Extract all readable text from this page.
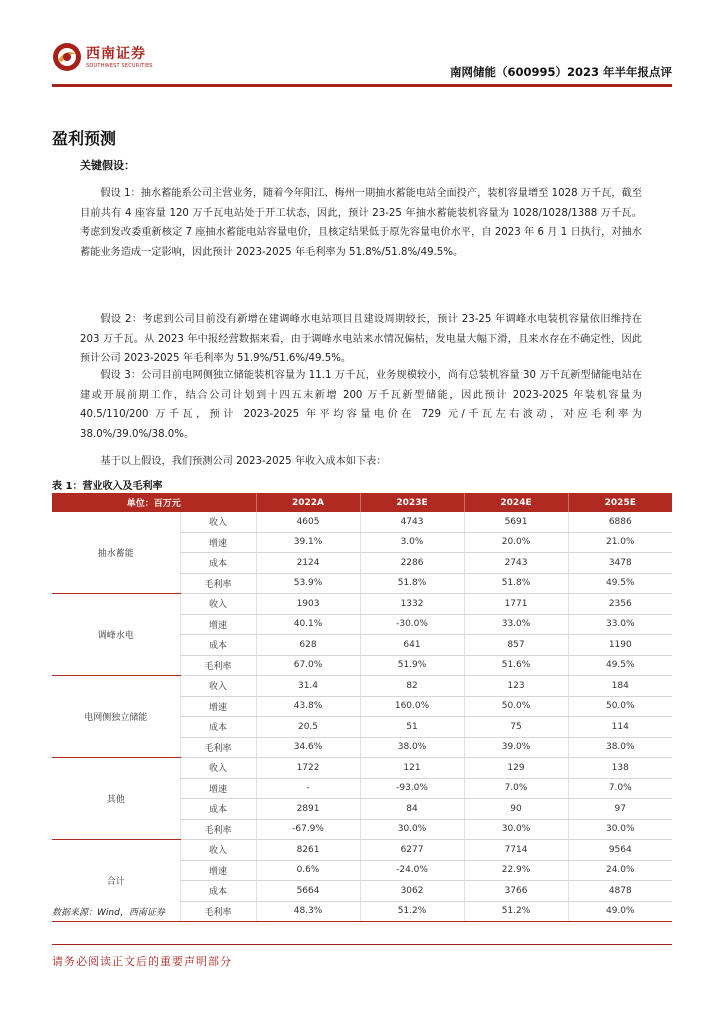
西南证券
SOUTHWEST SECURITIES	南网储能（600995）2023 年半年报点评
盈利预测
关键假设：

假设 1：抽水蓄能系公司主营业务，随着今年阳江、梅州一期抽水蓄能电站全面投产，装机容量增至 1028 万千瓦，截至目前共有 4 座容量 120 万千瓦电站处于开工状态，因此，预计 23-25 年抽水蓄能装机容量为 1028/1028/1388 万千瓦。考虑到发改委重新核定 7 座抽水蓄能电站容量电价，且核定结果低于原先容量电价水平，自 2023 年 6 月 1 日执行，对抽水蓄能业务造成一定影响，因此预计 2023-2025 年毛利率为 51.8%/51.8%/49.5%。

假设 2：考虑到公司目前没有新增在建调峰水电站项目且建设周期较长，预计 23-25 年调峰水电装机容量依旧维持在 203 万千瓦。从 2023 年中报经营数据来看，由于调峰水电站来水情况偏枯，发电量大幅下滑，且来水存在不确定性，因此预计公司 2023-2025 年毛利率为 51.9%/51.6%/49.5%。

假设 3：公司目前电网侧独立储能装机容量为 11.1 万千瓦，业务规模较小，尚有总装机容量 30 万千瓦新型储能电站在建或开展前期工作，结合公司计划到十四五末新增 200 万千瓦新型储能，因此预计 2023-2025 年装机容量为 40.5/110/200 万千瓦，预计 2023-2025 年平均容量电价在 729 元/千瓦左右波动，对应毛利率为 38.0%/39.0%/38.0%。

基于以上假设，我们预测公司 2023-2025 年收入成本如下表：

表 1：营业收入及毛利率
单位：百万元		2022A	2023E	2024E	2025E
抽水蓄能	收入	4605	4743	5691	6886
	增速	39.1%	3.0%	20.0%	21.0%
	成本	2124	2286	2743	3478
	毛利率	53.9%	51.8%	51.8%	49.5%
调峰水电	收入	1903	1332	1771	2356
	增速	40.1%	-30.0%	33.0%	33.0%
	成本	628	641	857	1190
	毛利率	67.0%	51.9%	51.6%	49.5%
电网侧独立储能	收入	31.4	82	123	184
	增速	43.8%	160.0%	50.0%	50.0%
	成本	20.5	51	75	114
	毛利率	34.6%	38.0%	39.0%	38.0%
其他	收入	1722	121	129	138
	增速	-	-93.0%	7.0%	7.0%
	成本	2891	84	90	97
	毛利率	-67.9%	30.0%	30.0%	30.0%
合计	收入	8261	6277	7714	9564
	增速	0.6%	-24.0%	22.9%	24.0%
	成本	5664	3062	3766	4878
	毛利率	48.3%	51.2%	51.2%	49.0%
数据来源：Wind，西南证券
请务必阅读正文后的重要声明部分
